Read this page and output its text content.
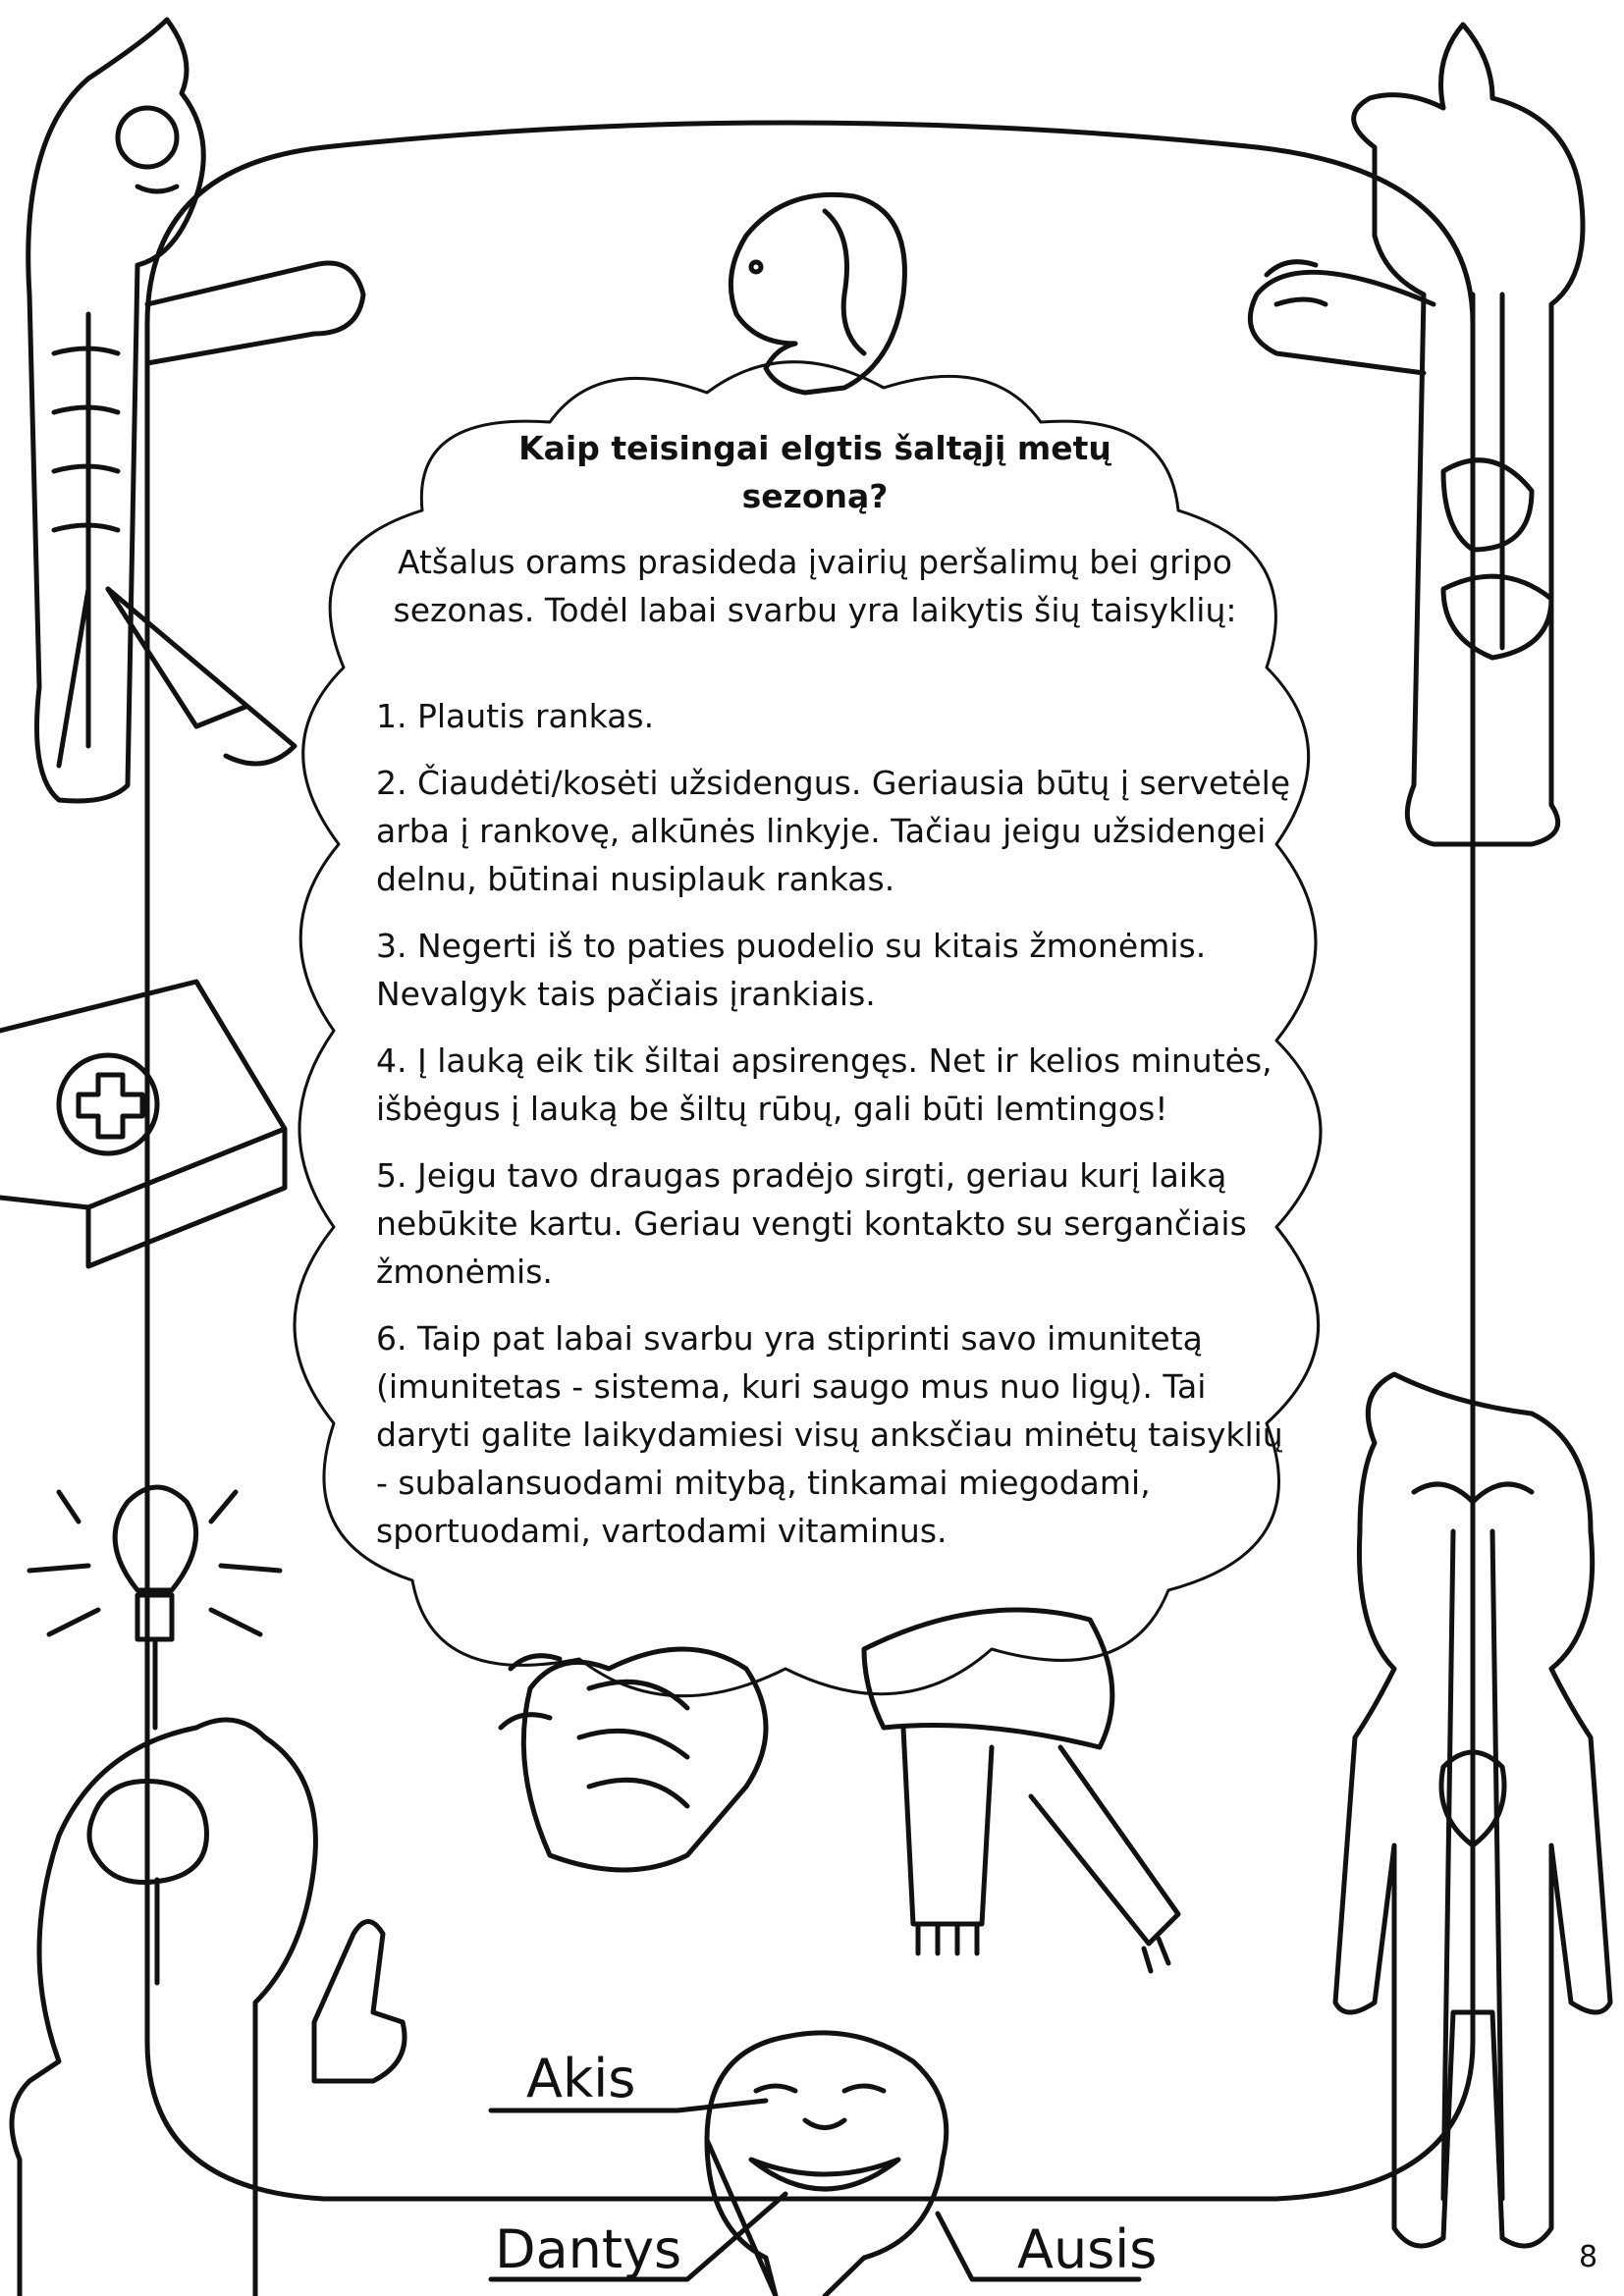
Kaip teisingai elgtis šaltąjį metų sezoną?
Atšalus orams prasideda įvairių peršalimų bei gripo sezonas. Todėl labai svarbu yra laikytis šių taisyklių:
1. Plautis rankas.
2. Čiaudėti/kosėti užsidengus. Geriausia būtų į servetėlę arba į rankovę, alkūnės linkyje. Tačiau jeigu užsidengei delnu, būtinai nusiplauk rankas.
3. Negerti iš to paties puodelio su kitais žmonėmis. Nevalgyk tais pačiais įrankiais.
4. Į lauką eik tik šiltai apsirengęs. Net ir kelios minutės, išbėgus į lauką be šiltų rūbų, gali būti lemtingos!
5. Jeigu tavo draugas pradėjo sirgti, geriau kurį laiką nebūkite kartu. Geriau vengti kontakto su sergančiais žmonėmis.
6. Taip pat labai svarbu yra stiprinti savo imunitetą (imunitetas - sistema, kuri saugo mus nuo ligų). Tai daryti galite laikydamiesi visų anksčiau minėtų taisyklių - subalansuodami mitybą, tinkamai miegodami, sportuodami, vartodami vitaminus.
Akis
Dantys	Ausis	8
